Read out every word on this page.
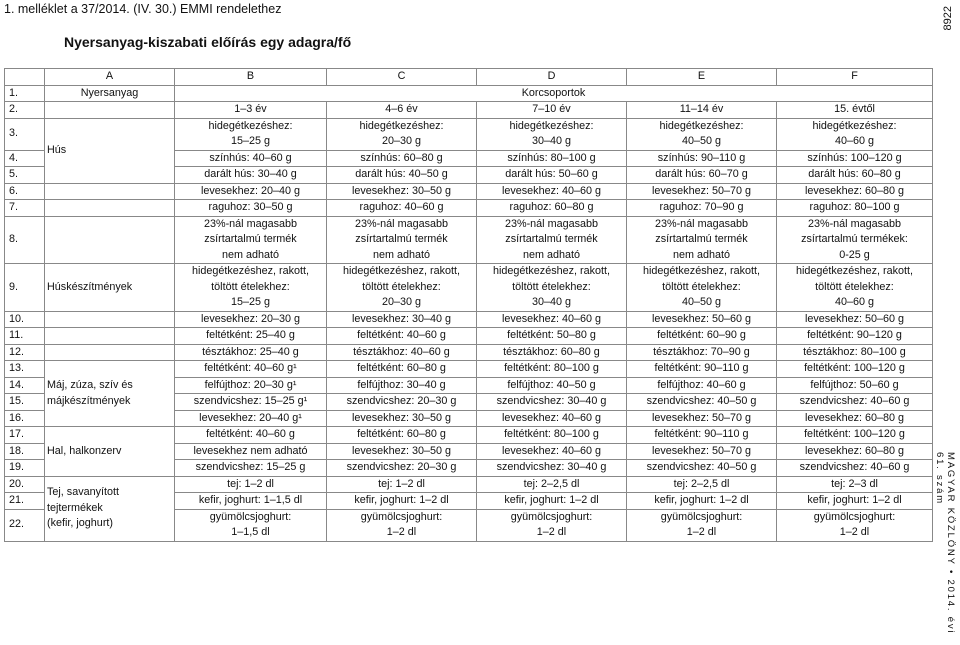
1. melléklet a 37/2014. (IV. 30.) EMMI rendelethez
Nyersanyag-kiszabati előírás egy adagra/fő
8922
MAGYAR KÖZLÖNY • 2014. évi 61. szám
	A	B	C	D	E	F
1.	Nyersanyag	Korcsoportok				
2.		1–3 év	4–6 év	7–10 év	11–14 év	15. évtől
3.	Hús	hidegétkezéshez:
15–25 g	hidegétkezéshez:
20–30 g	hidegétkezéshez:
30–40 g	hidegétkezéshez:
40–50 g	hidegétkezéshez:
40–60 g
4.		színhús: 40–60 g	színhús: 60–80 g	színhús: 80–100 g	színhús: 90–110 g	színhús: 100–120 g
5.		darált hús: 30–40 g	darált hús: 40–50 g	darált hús: 50–60 g	darált hús: 60–70 g	darált hús: 60–80 g
6.		levesekhez: 20–40 g	levesekhez: 30–50 g	levesekhez: 40–60 g	levesekhez: 50–70 g	levesekhez: 60–80 g
7.		raguhoz: 30–50 g	raguhoz: 40–60 g	raguhoz: 60–80 g	raguhoz: 70–90 g	raguhoz: 80–100 g
8.		23%-nál magasabb
zsírtartalmú termék
nem adható	23%-nál magasabb
zsírtartalmú termék
nem adható	23%-nál magasabb
zsírtartalmú termék
nem adható	23%-nál magasabb
zsírtartalmú termék
nem adható	23%-nál magasabb
zsírtartalmú termékek:
0-25 g
9.	Húskészítmények	hidegétkezéshez, rakott,
töltött ételekhez:
15–25 g	hidegétkezéshez, rakott,
töltött ételekhez:
20–30 g	hidegétkezéshez, rakott,
töltött ételekhez:
30–40 g	hidegétkezéshez, rakott,
töltött ételekhez:
40–50 g	hidegétkezéshez, rakott,
töltött ételekhez:
40–60 g
10.		levesekhez: 20–30 g	levesekhez: 30–40 g	levesekhez: 40–60 g	levesekhez: 50–60 g	levesekhez: 50–60 g
11.		feltétként: 25–40 g	feltétként: 40–60 g	feltétként: 50–80 g	feltétként: 60–90 g	feltétként: 90–120 g
12.		tésztákhoz: 25–40 g	tésztákhoz: 40–60 g	tésztákhoz: 60–80 g	tésztákhoz: 70–90 g	tésztákhoz: 80–100 g
13.	Máj, zúza, szív és
májkészítmények	feltétként: 40–60 g¹	feltétként: 60–80 g	feltétként: 80–100 g	feltétként: 90–110 g	feltétként: 100–120 g
14.		felfújthoz: 20–30 g¹	felfújthoz: 30–40 g	felfújthoz: 40–50 g	felfújthoz: 40–60 g	felfújthoz: 50–60 g
15.		szendvicshez: 15–25 g¹	szendvicshez: 20–30 g	szendvicshez: 30–40 g	szendvicshez: 40–50 g	szendvicshez: 40–60 g
16.		levesekhez: 20–40 g¹	levesekhez: 30–50 g	levesekhez: 40–60 g	levesekhez: 50–70 g	levesekhez: 60–80 g
17.	Hal, halkonzerv	feltétként: 40–60 g	feltétként: 60–80 g	feltétként: 80–100 g	feltétként: 90–110 g	feltétként: 100–120 g
18.		levesekhez nem adható	levesekhez: 30–50 g	levesekhez: 40–60 g	levesekhez: 50–70 g	levesekhez: 60–80 g
19.		szendvicshez: 15–25 g	szendvicshez: 20–30 g	szendvicshez: 30–40 g	szendvicshez: 40–50 g	szendvicshez: 40–60 g
20.	Tej, savanyított tejtermékek
(kefir, joghurt)	tej: 1–2 dl	tej: 1–2 dl	tej: 2–2,5 dl	tej: 2–2,5 dl	tej: 2–3 dl
21.		kefir, joghurt: 1–1,5 dl	kefir, joghurt: 1–2 dl	kefir, joghurt: 1–2 dl	kefir, joghurt: 1–2 dl	kefir, joghurt: 1–2 dl
22.		gyümölcsjoghurt:
1–1,5 dl	gyümölcsjoghurt:
1–2 dl	gyümölcsjoghurt:
1–2 dl	gyümölcsjoghurt:
1–2 dl	gyümölcsjoghurt:
1–2 dl
